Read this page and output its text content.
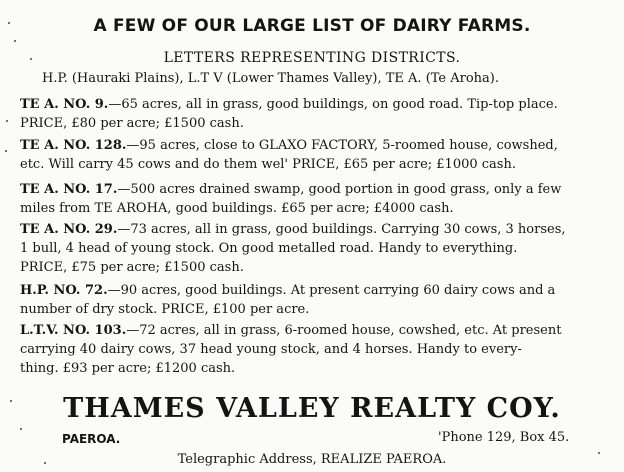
A FEW OF OUR LARGE LIST OF DAIRY FARMS.
LETTERS REPRESENTING DISTRICTS.
H.P. (Hauraki Plains), L.T V (Lower Thames Valley), TE A. (Te Aroha).
TE A. NO. 9.—65 acres, all in grass, good buildings, on good road. Tip-top place.
PRICE, £80 per acre; £1500 cash.
TE A. NO. 128.—95 acres, close to GLAXO FACTORY, 5-roomed house, cowshed,
etc. Will carry 45 cows and do them wel' PRICE, £65 per acre; £1000 cash.
TE A. NO. 17.—500 acres drained swamp, good portion in good grass, only a few
miles from TE AROHA, good buildings. £65 per acre; £4000 cash.
TE A. NO. 29.—73 acres, all in grass, good buildings. Carrying 30 cows, 3 horses,
1 bull, 4 head of young stock. On good metalled road. Handy to everything.
PRICE, £75 per acre; £1500 cash.
H.P. NO. 72.—90 acres, good buildings. At present carrying 60 dairy cows and a
number of dry stock. PRICE, £100 per acre.
L.T.V. NO. 103.—72 acres, all in grass, 6-roomed house, cowshed, etc. At present
carrying 40 dairy cows, 37 head young stock, and 4 horses. Handy to every-
thing. £93 per acre; £1200 cash.
THAMES VALLEY REALTY COY.
PAEROA.	'Phone 129, Box 45.
Telegraphic Address, REALIZE PAEROA.
